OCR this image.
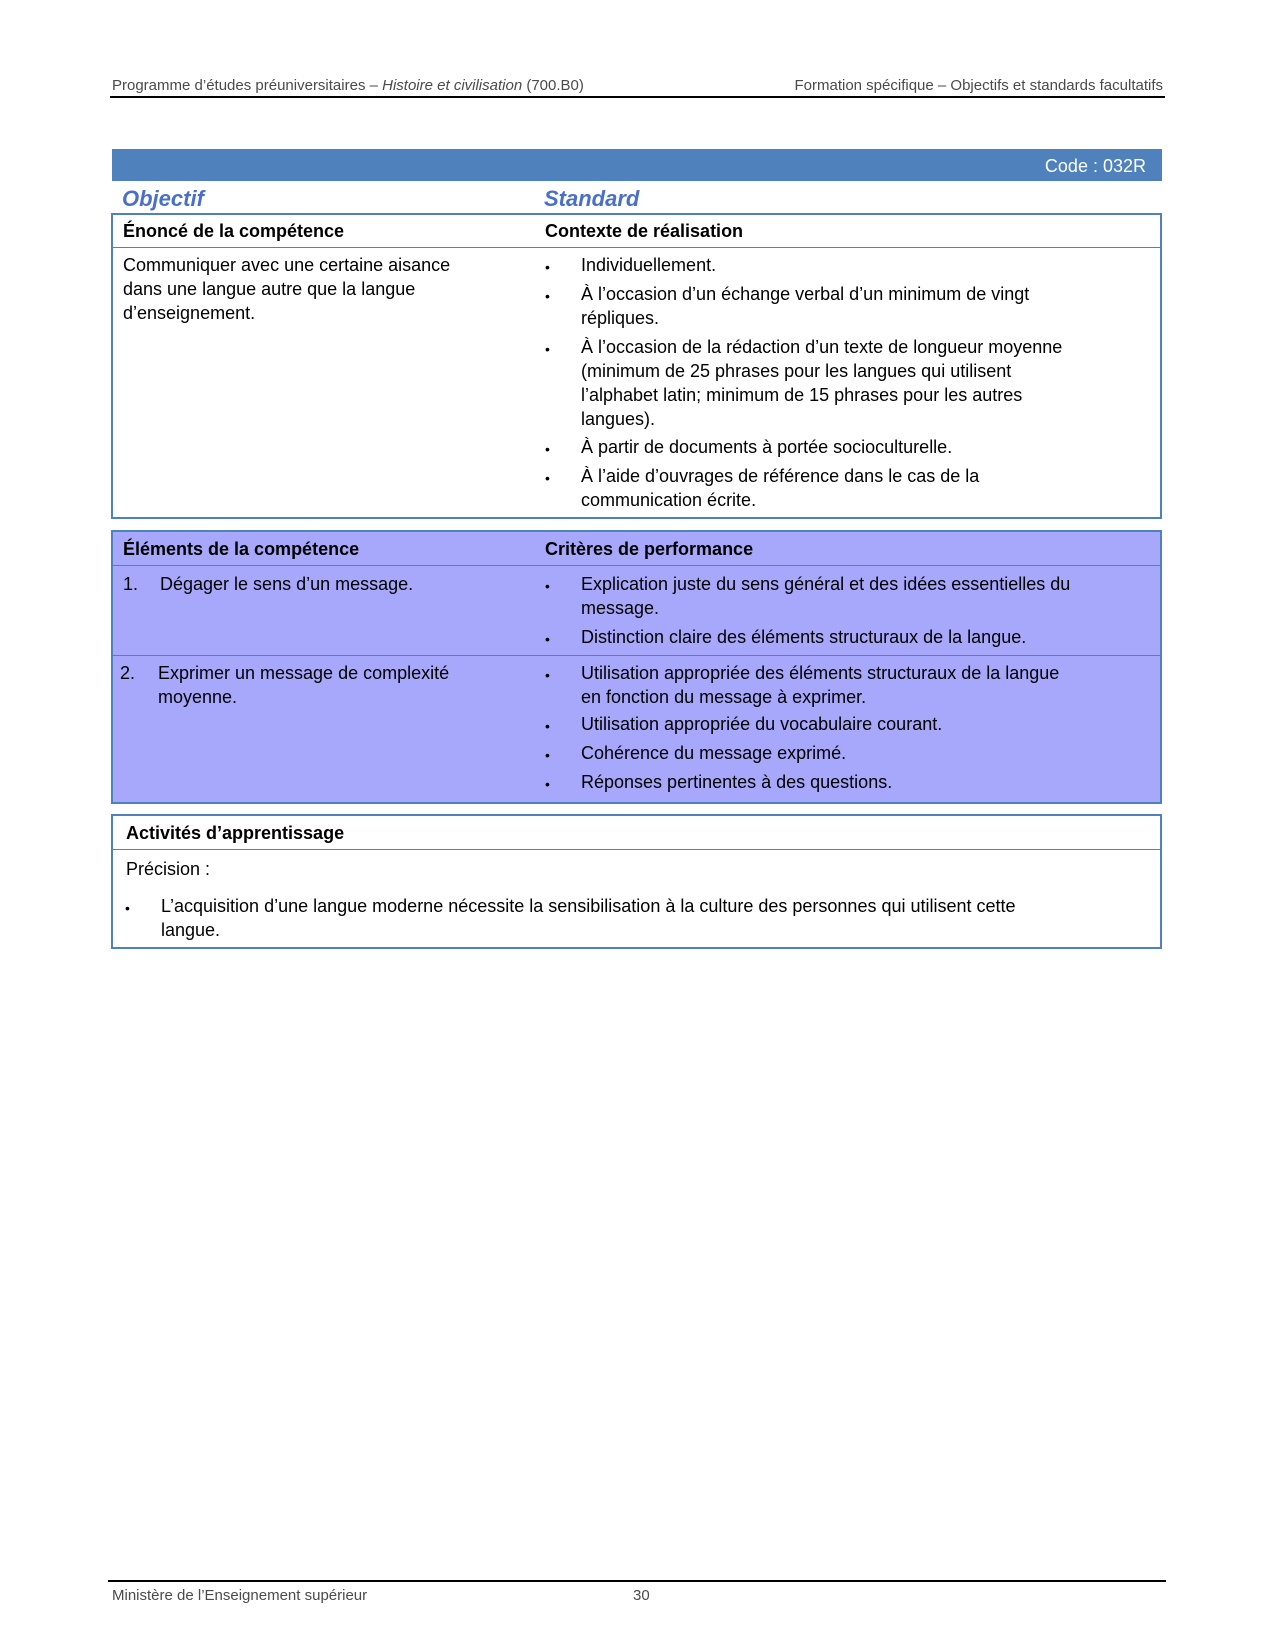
Programme d’études préuniversitaires – Histoire et civilisation (700.B0)	Formation spécifique – Objectifs et standards facultatifs
Code : 032R
Objectif	Standard
Énoncé de la compétence	Contexte de réalisation
Communiquer avec une certaine aisance
dans une langue autre que la langue
d’enseignement.
• Individuellement.
• À l’occasion d’un échange verbal d’un minimum de vingt
répliques.
• À l’occasion de la rédaction d’un texte de longueur moyenne
(minimum de 25 phrases pour les langues qui utilisent
l’alphabet latin; minimum de 15 phrases pour les autres
langues).
• À partir de documents à portée socioculturelle.
• À l’aide d’ouvrages de référence dans le cas de la
communication écrite.
Éléments de la compétence	Critères de performance
1. Dégager le sens d’un message.	• Explication juste du sens général et des idées essentielles du
message.
• Distinction claire des éléments structuraux de la langue.
2. Exprimer un message de complexité
moyenne.
• Utilisation appropriée des éléments structuraux de la langue
en fonction du message à exprimer.
• Utilisation appropriée du vocabulaire courant.
• Cohérence du message exprimé.
• Réponses pertinentes à des questions.
Activités d’apprentissage
Précision :
• L’acquisition d’une langue moderne nécessite la sensibilisation à la culture des personnes qui utilisent cette
langue.
Ministère de l’Enseignement supérieur	30
